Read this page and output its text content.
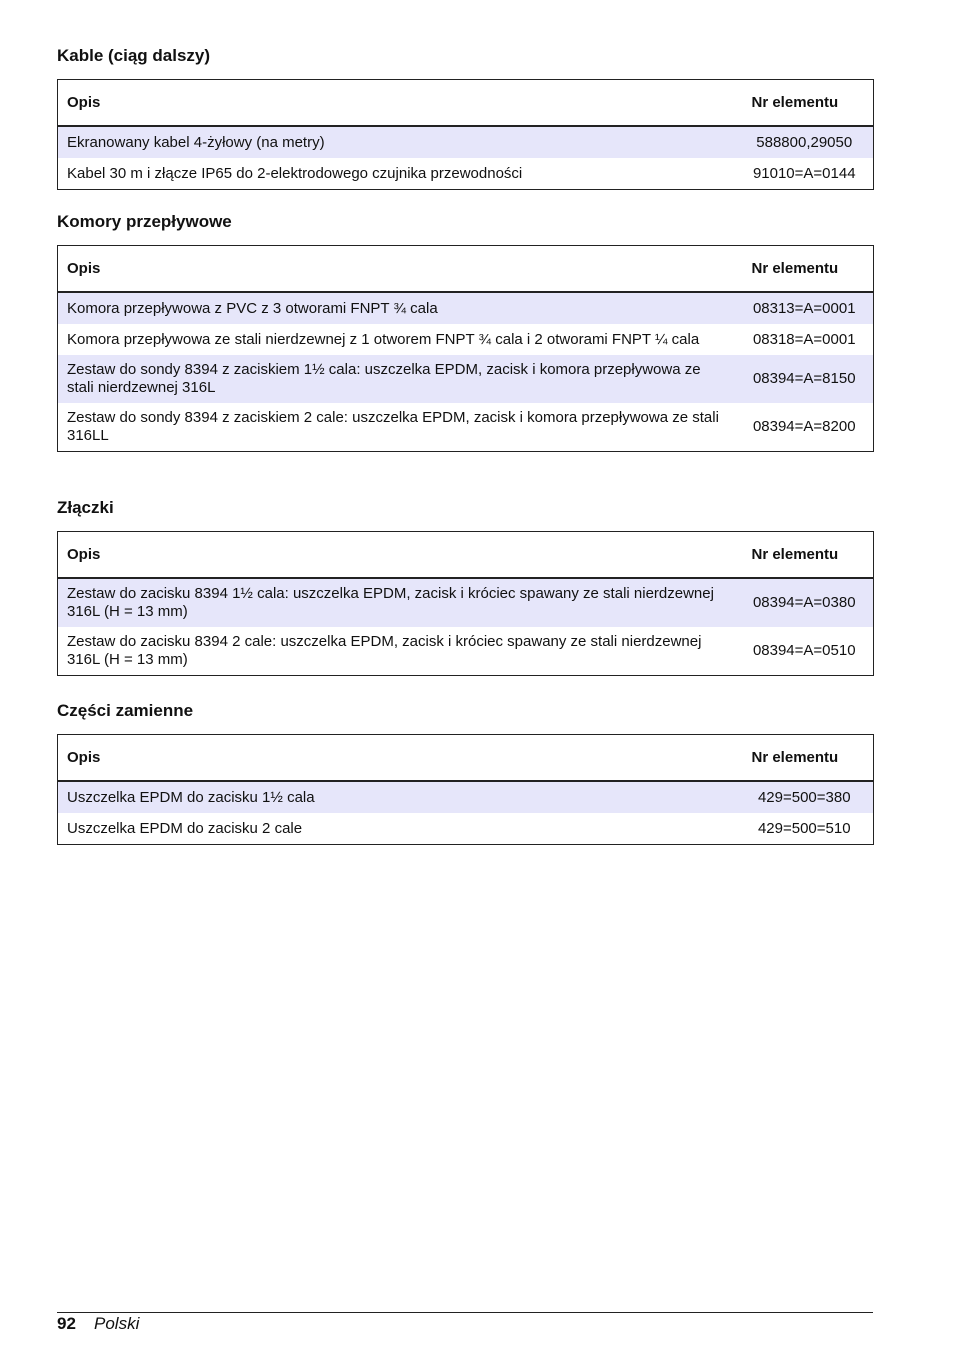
Kable (ciąg dalszy)
Opis	Nr elementu
Ekranowany kabel 4-żyłowy (na metry)	588800,29050
Kabel 30 m i złącze IP65 do 2-elektrodowego czujnika przewodności	91010=A=0144
Komory przepływowe
Opis	Nr elementu
Komora przepływowa z PVC z 3 otworami FNPT ¾ cala	08313=A=0001
Komora przepływowa ze stali nierdzewnej z 1 otworem FNPT ¾ cala i 2 otworami FNPT ¼ cala	08318=A=0001
Zestaw do sondy 8394 z zaciskiem 1½ cala: uszczelka EPDM, zacisk i komora przepływowa ze stali nierdzewnej 316L	08394=A=8150
Zestaw do sondy 8394 z zaciskiem 2 cale: uszczelka EPDM, zacisk i komora przepływowa ze stali 316LL	08394=A=8200
Złączki
Opis	Nr elementu
Zestaw do zacisku 8394 1½ cala: uszczelka EPDM, zacisk i króciec spawany ze stali nierdzewnej 316L (H = 13 mm)	08394=A=0380
Zestaw do zacisku 8394 2 cale: uszczelka EPDM, zacisk i króciec spawany ze stali nierdzewnej 316L (H = 13 mm)	08394=A=0510
Części zamienne
Opis	Nr elementu
Uszczelka EPDM do zacisku 1½ cala	429=500=380
Uszczelka EPDM do zacisku 2 cale	429=500=510
92 Polski
